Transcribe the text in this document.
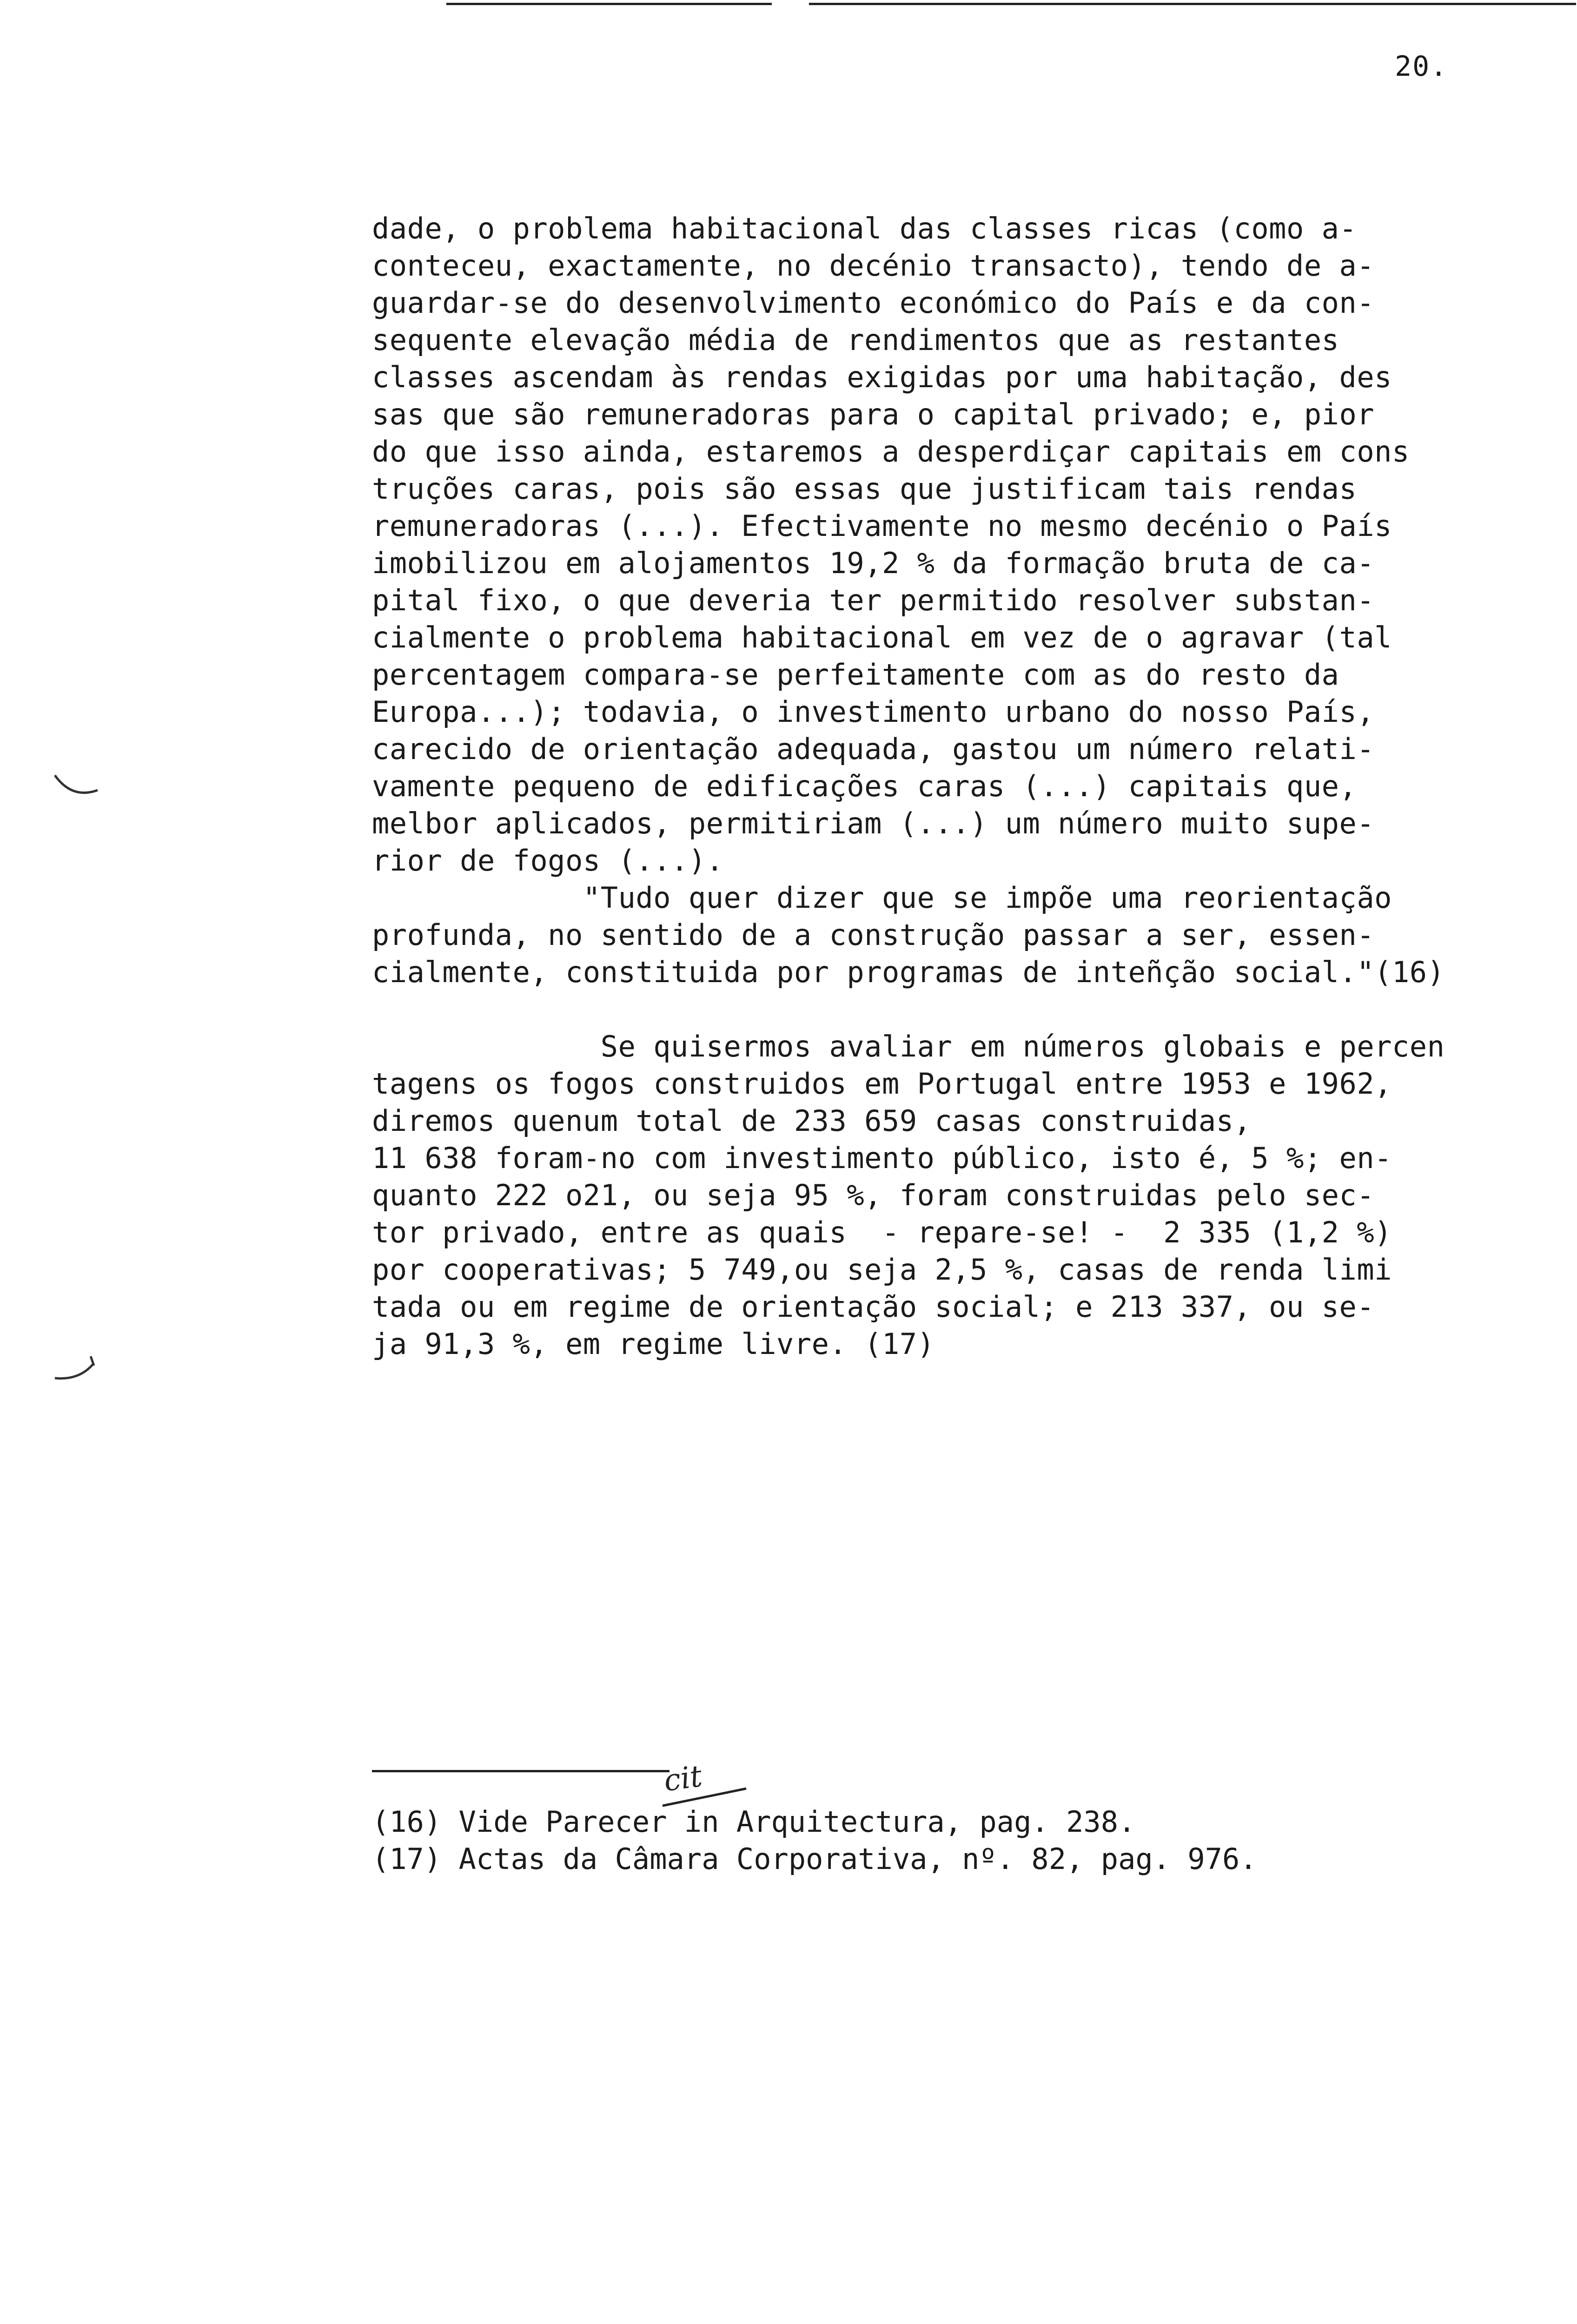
20.
dade, o problema habitacional das classes ricas (como a-
conteceu, exactamente, no decénio transacto), tendo de a-
guardar-se do desenvolvimento económico do País e da con-
sequente elevação média de rendimentos que as restantes
classes ascendam às rendas exigidas por uma habitação, des
sas que são remuneradoras para o capital privado; e, pior
do que isso ainda, estaremos a desperdiçar capitais em cons
truções caras, pois são essas que justificam tais rendas
remuneradoras (...). Efectivamente no mesmo decénio o País
imobilizou em alojamentos 19,2 % da formação bruta de ca-
pital fixo, o que deveria ter permitido resolver substan-
cialmente o problema habitacional em vez de o agravar (tal
percentagem compara-se perfeitamente com as do resto da
Europa...); todavia, o investimento urbano do nosso País,
carecido de orientação adequada, gastou um número relati-
vamente pequeno de edificações caras (...) capitais que,
melbor aplicados, permitiriam (...) um número muito supe-
rior de fogos (...).
"Tudo quer dizer que se impõe uma reorientação
profunda, no sentido de a construção passar a ser, essen-
cialmente, constituida por programas de inteñção social."(16)
Se quisermos avaliar em números globais e percen
tagens os fogos construidos em Portugal entre 1953 e 1962,
diremos quenum total de 233 659 casas construidas,
11 638 foram-no com investimento público, isto é, 5 %; en-
quanto 222 o21, ou seja 95 %, foram construidas pelo sec-
tor privado, entre as quais  - repare-se! -  2 335 (1,2 %)
por cooperativas; 5 749,ou seja 2,5 %, casas de renda limi
tada ou em regime de orientação social; e 213 337, ou se-
ja 91,3 %, em regime livre. (17)
cit
(16) Vide Parecer in Arquitectura, pag. 238.
(17) Actas da Câmara Corporativa, nº. 82, pag. 976.
